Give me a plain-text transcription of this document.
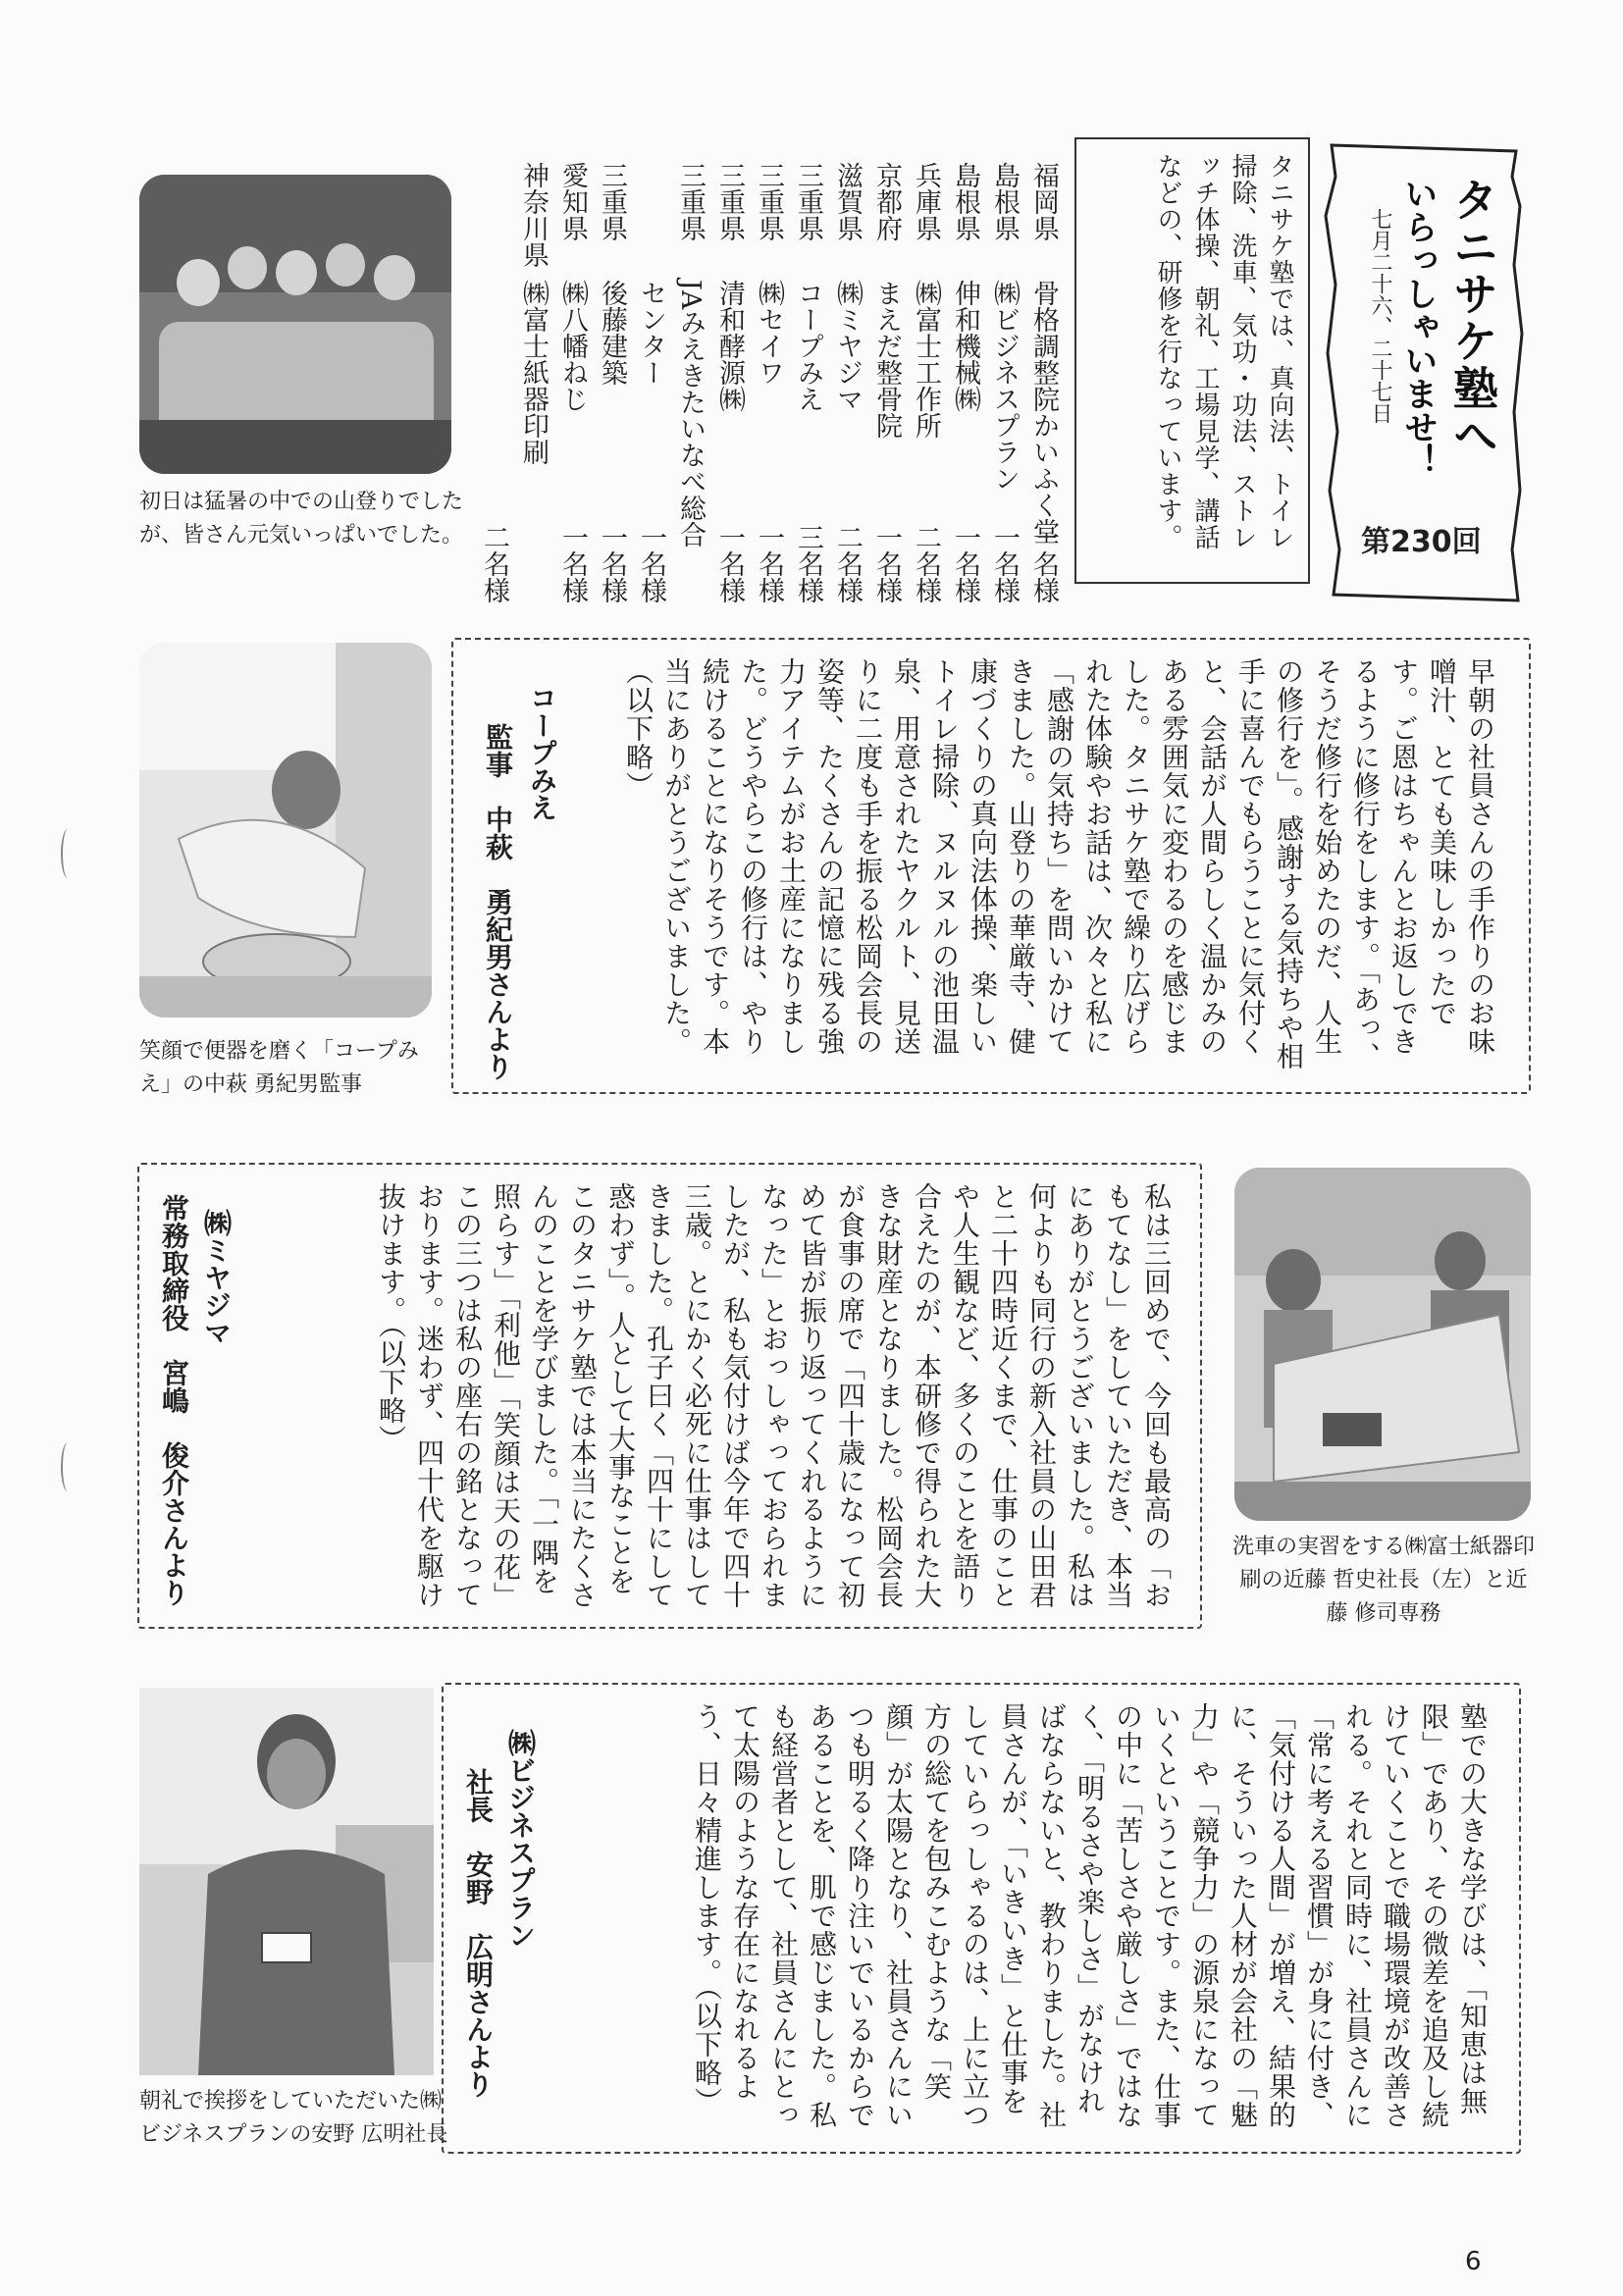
タニサケ塾へ
いらっしゃいませ！
七月二十六、二十七日
第230回
タニサケ塾では、真向法、トイレ掃除、洗車、気功・功法、ストレッチ体操、朝礼、工場見学、講話などの、研修を行なっています。
福岡県
骨格調整院かいふく堂
一名様
島根県
㈱ビジネスプラン
一名様
島根県
伸和機械㈱
一名様
兵庫県
㈱富士工作所
二名様
京都府
まえだ整骨院
一名様
滋賀県
㈱ミヤジマ
二名様
三重県
コープみえ
三名様
三重県
㈱セイワ
一名様
三重県
清和酵源㈱
一名様
三重県
JAみえきたいなべ総合
センター
一名様
三重県
後藤建築
一名様
愛知県
㈱八幡ねじ
一名様
神奈川県
㈱富士紙器印刷
二名様
初日は猛暑の中での山登りでしたが、皆さん元気いっぱいでした。
笑顔で便器を磨く「コープみえ」の中萩 勇紀男監事
早朝の社員さんの手作りのお味噌汁、とても美味しかったです。ご恩はちゃんとお返しできるように修行をします。「あっ、そうだ修行を始めたのだ、人生の修行を」。感謝する気持ちや相手に喜んでもらうことに気付くと、会話が人間らしく温かみのある雰囲気に変わるのを感じました。タニサケ塾で繰り広げられた体験やお話は、次々と私に「感謝の気持ち」を問いかけてきました。山登りの華厳寺、健康づくりの真向法体操、楽しいトイレ掃除、ヌルヌルの池田温泉、用意されたヤクルト、見送りに二度も手を振る松岡会長の姿等、たくさんの記憶に残る強力アイテムがお土産になりました。どうやらこの修行は、やり続けることになりそうです。本当にありがとうございました。（以下略）
コープみえ
監事　中萩　勇紀男さんより
私は三回めで、今回も最高の「おもてなし」をしていただき、本当にありがとうございました。私は何よりも同行の新入社員の山田君と二十四時近くまで、仕事のことや人生観など、多くのことを語り合えたのが、本研修で得られた大きな財産となりました。松岡会長が食事の席で「四十歳になって初めて皆が振り返ってくれるようになった」とおっしゃっておられましたが、私も気付けば今年で四十三歳。とにかく必死に仕事はしてきました。孔子曰く「四十にして惑わず」。人として大事なことをこのタニサケ塾では本当にたくさんのことを学びました。「一隅を照らす」「利他」「笑顔は天の花」この三つは私の座右の銘となっております。迷わず、四十代を駆け抜けます。（以下略）
㈱ミヤジマ
常務取締役　宮嶋　俊介さんより	洗車の実習をする㈱富士紙器印刷の近藤 哲史社長（左）と近藤 修司専務
朝礼で挨拶をしていただいた㈱ビジネスプランの安野 広明社長
塾での大きな学びは、「知恵は無限」であり、その微差を追及し続けていくことで職場環境が改善される。それと同時に、社員さんに「常に考える習慣」が身に付き、「気付ける人間」が増え、結果的に、そういった人材が会社の「魅力」や「競争力」の源泉になっていくということです。また、仕事の中に「苦しさや厳しさ」ではなく、「明るさや楽しさ」がなければならないと、教わりました。社員さんが、「いきいき」と仕事をしていらっしゃるのは、上に立つ方の総てを包みこむような「笑顔」が太陽となり、社員さんにいつも明るく降り注いでいるからであることを、肌で感じました。私も経営者として、社員さんにとって太陽のような存在になれるよう、日々精進します。（以下略）
㈱ビジネスプラン
社長　安野　広明さんより
6
